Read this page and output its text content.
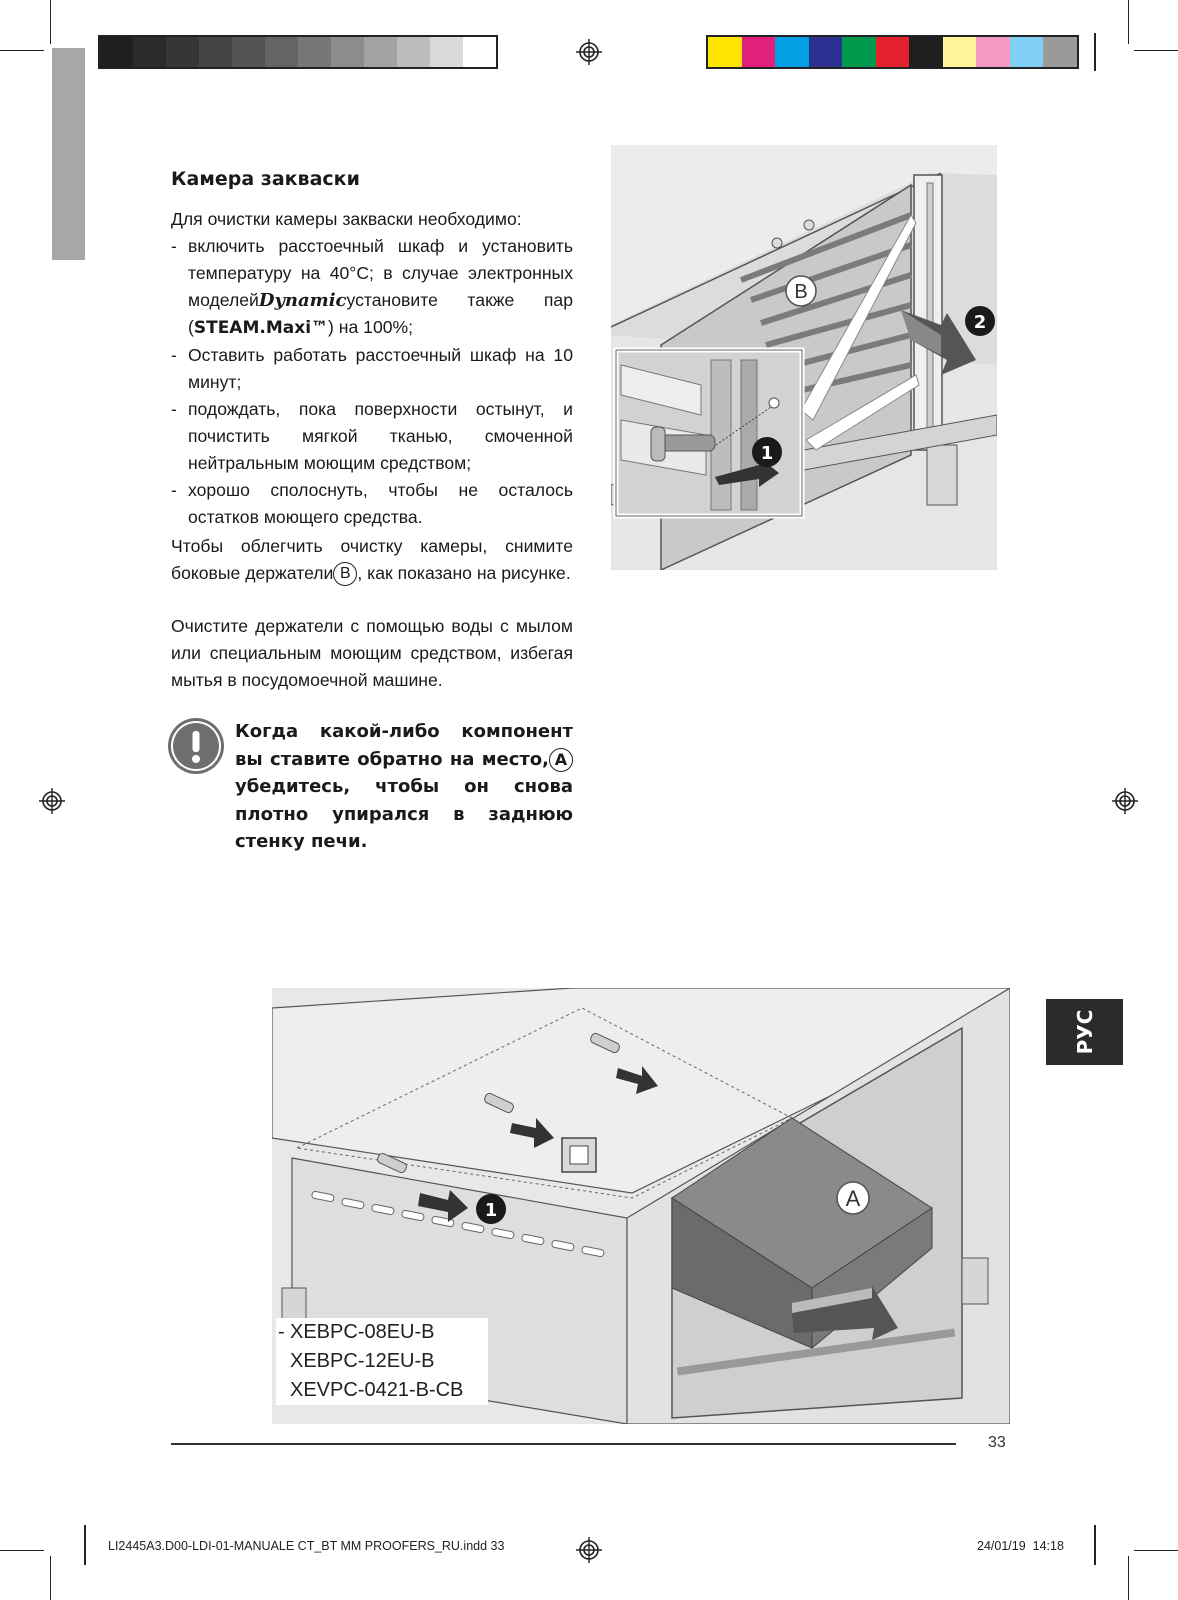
Камера закваски
Для очистки камеры закваски необходимо:
- включить расстоечный шкаф и установить температуру на 40°C; в случае электронных моделейDynamicустановите также пар (STEAM.Maxi™) на 100%;
- Оставить работать расстоечный шкаф на 10 минут;
- подождать, пока поверхности остынут, и почистить мягкой тканью, смоченной нейтральным моющим средством;
- хорошо сполоснуть, чтобы не осталось остатков моющего средства.
Чтобы облегчить очистку камеры, снимите боковые держатели B , как показано на рисунке.
Очистите держатели с помощью воды с мылом или специальным моющим средством, избегая мытья в посудомоечной машине.
Когда какой-либо компонент вы ставите обратно на место, A убедитесь, чтобы он снова плотно упирался в заднюю стенку печи.
B
2
1
A
1
- XEBPC-08EU-B
XEBPC-12EU-B
XEVPC-0421-B-CB
РУС
33
LI2445A3.D00-LDI-01-MANUALE CT_BT MM PROOFERS_RU.indd 33	24/01/19 14:18
